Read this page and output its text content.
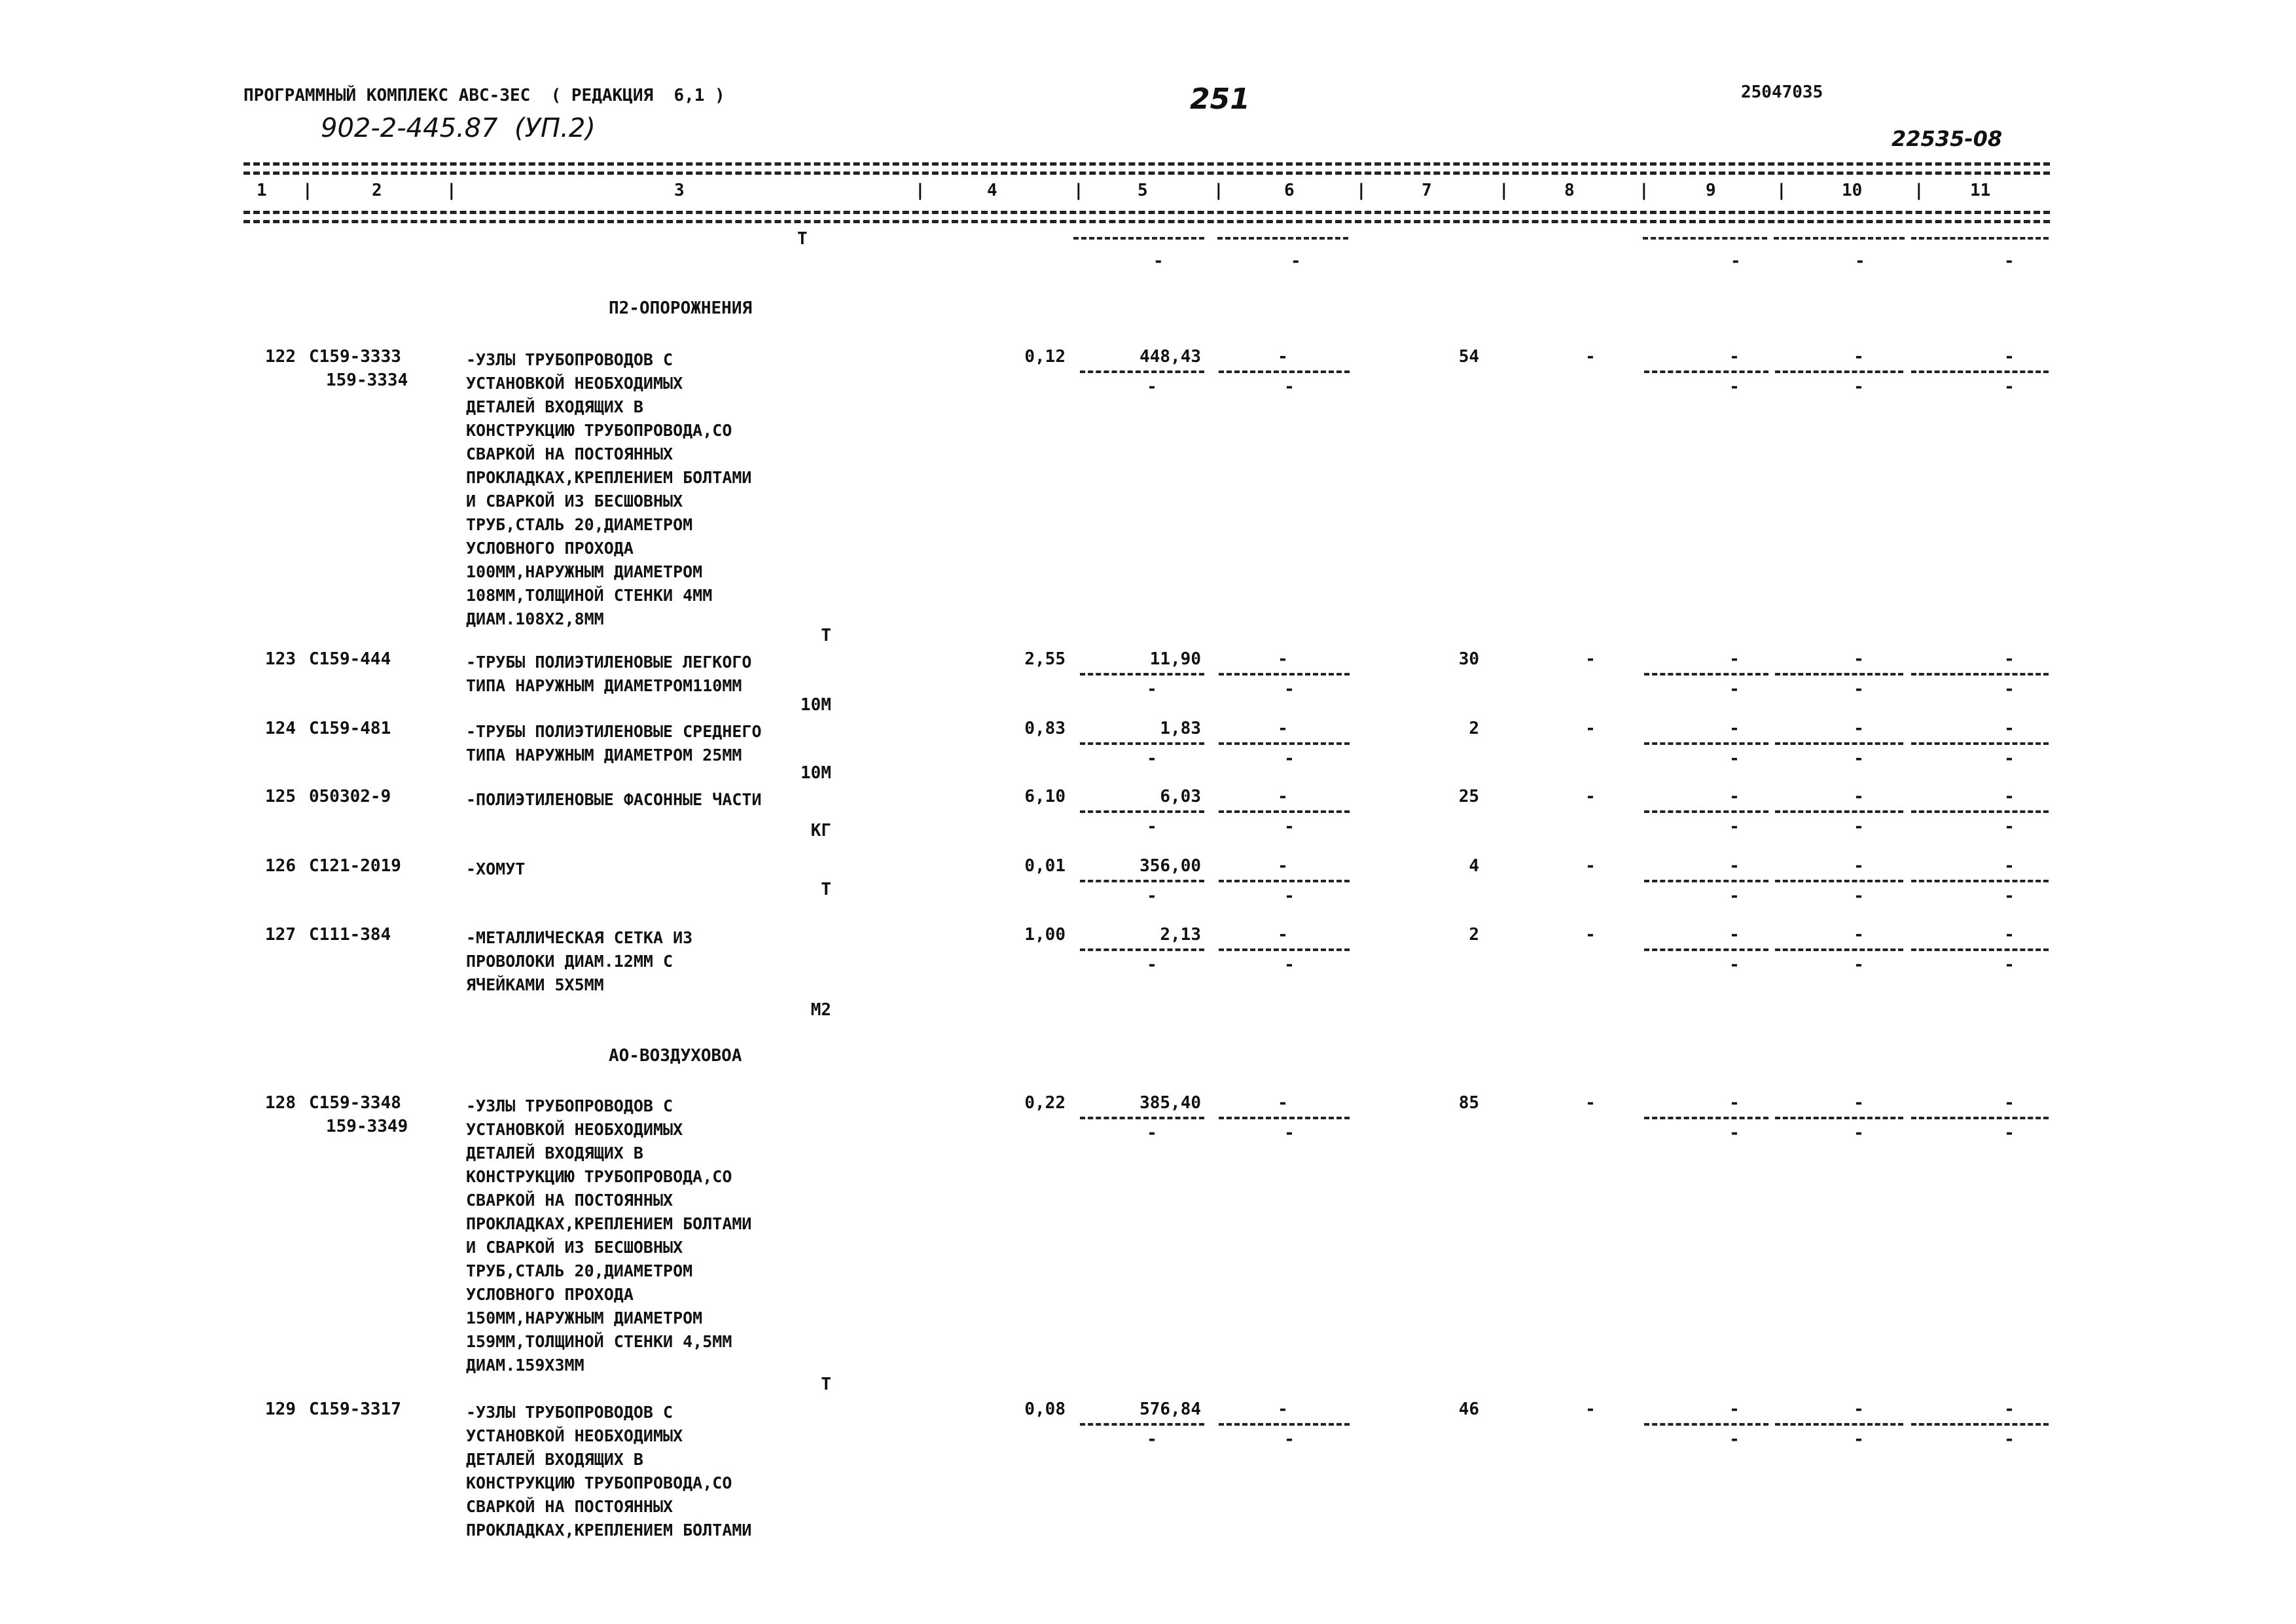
ПРОГРАММНЫЙ КОМПЛЕКС АВС-3ЕС  ( РЕДАКЦИЯ  6,1 )
902-2-445.87  (УП.2)
251	25047035
22535-08
1 |	2	|	3	|	4	|	5	|	6	|	7	|	8	|	9	|	10	|	11
Т
-	-	-	-	-
П2-ОПОРОЖНЕНИЯ
122 С159-3333
159-3334
-УЗЛЫ ТРУБОПРОВОДОВ С
УСТАНОВКОЙ НЕОБХОДИМЫХ
ДЕТАЛЕЙ ВХОДЯЩИХ В
КОНСТРУКЦИЮ ТРУБОПРОВОДА,СО
СВАРКОЙ НА ПОСТОЯННЫХ
ПРОКЛАДКАХ,КРЕПЛЕНИЕМ БОЛТАМИ
И СВАРКОЙ ИЗ БЕСШОВНЫХ
ТРУБ,СТАЛЬ 20,ДИАМЕТРОМ
УСЛОВНОГО ПРОХОДА
100ММ,НАРУЖНЫМ ДИАМЕТРОМ
108ММ,ТОЛЩИНОЙ СТЕНКИ 4ММ
ДИАМ.108Х2,8ММ
Т
0,12	448,43	-	54	-	-	-	-
-	-	-	-	-
123 С159-444	-ТРУБЫ ПОЛИЭТИЛЕНОВЫЕ ЛЕГКОГО
ТИПА НАРУЖНЫМ ДИАМЕТРОМ110ММ
10М
2,55	11,90	-	30	-	-	-	-
-	-	-	-	-
124 С159-481	-ТРУБЫ ПОЛИЭТИЛЕНОВЫЕ СРЕДНЕГО
ТИПА НАРУЖНЫМ ДИАМЕТРОМ 25ММ
10М
0,83	1,83	-	2	-	-	-	-
-	-	-	-	-
125 050302-9	-ПОЛИЭТИЛЕНОВЫЕ ФАСОННЫЕ ЧАСТИ
КГ
6,10	6,03	-	25	-	-	-	-
-	-	-	-	-
126 С121-2019	-ХОМУТ
Т
0,01	356,00	-	4	-	-	-	-
-	-	-	-	-
127 С111-384	-МЕТАЛЛИЧЕСКАЯ СЕТКА ИЗ
ПРОВОЛОКИ ДИАМ.12ММ С
ЯЧЕЙКАМИ 5Х5ММ
М2
1,00	2,13	-	2	-	-	-	-
-	-	-	-	-
128 С159-3348
159-3349
-УЗЛЫ ТРУБОПРОВОДОВ С
УСТАНОВКОЙ НЕОБХОДИМЫХ
ДЕТАЛЕЙ ВХОДЯЩИХ В
КОНСТРУКЦИЮ ТРУБОПРОВОДА,СО
СВАРКОЙ НА ПОСТОЯННЫХ
ПРОКЛАДКАХ,КРЕПЛЕНИЕМ БОЛТАМИ
И СВАРКОЙ ИЗ БЕСШОВНЫХ
ТРУБ,СТАЛЬ 20,ДИАМЕТРОМ
УСЛОВНОГО ПРОХОДА
150ММ,НАРУЖНЫМ ДИАМЕТРОМ
159ММ,ТОЛЩИНОЙ СТЕНКИ 4,5ММ
ДИАМ.159Х3ММ
Т
0,22	385,40	-	85	-	-	-	-
-	-	-	-	-
129 С159-3317	-УЗЛЫ ТРУБОПРОВОДОВ С
УСТАНОВКОЙ НЕОБХОДИМЫХ
ДЕТАЛЕЙ ВХОДЯЩИХ В
КОНСТРУКЦИЮ ТРУБОПРОВОДА,СО
СВАРКОЙ НА ПОСТОЯННЫХ
ПРОКЛАДКАХ,КРЕПЛЕНИЕМ БОЛТАМИ
0,08	576,84	-	46	-	-	-	-
-	-	-	-	-
АО-ВОЗДУХОВОА
